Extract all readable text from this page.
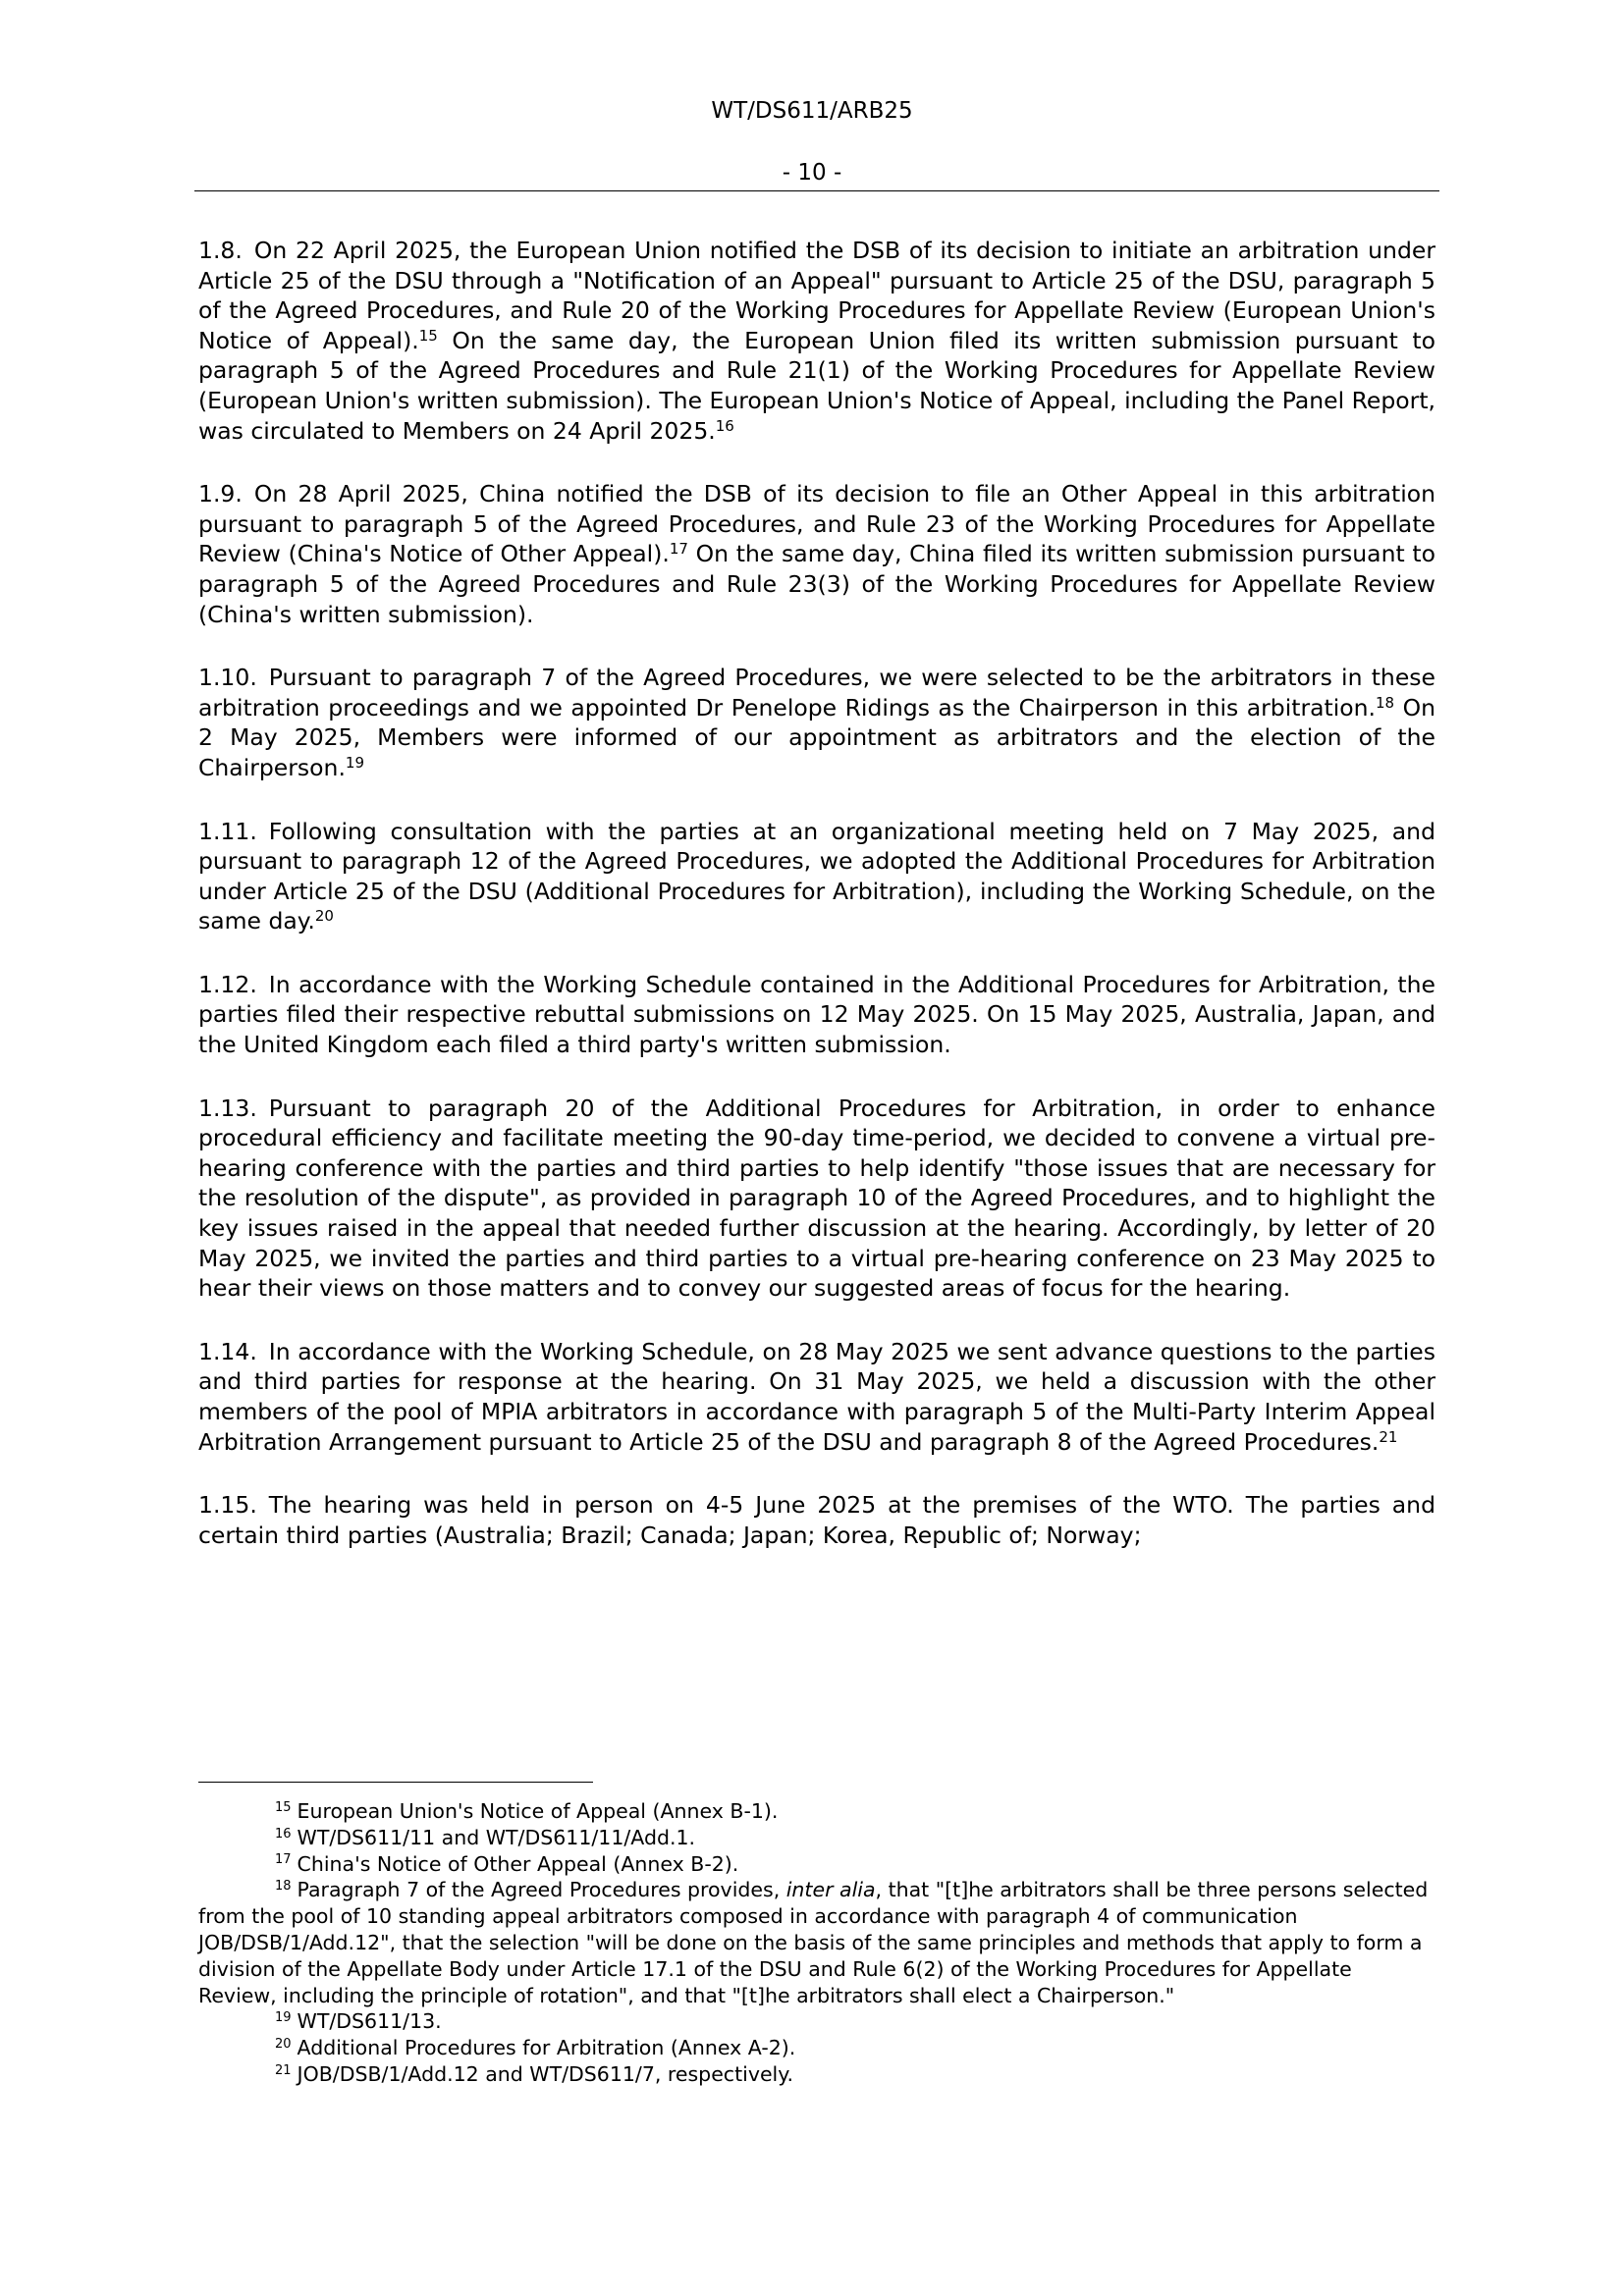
WT/DS611/ARB25
- 10 -

1.8. On 22 April 2025, the European Union notified the DSB of its decision to initiate an arbitration under Article 25 of the DSU through a "Notification of an Appeal" pursuant to Article 25 of the DSU, paragraph 5 of the Agreed Procedures, and Rule 20 of the Working Procedures for Appellate Review (European Union's Notice of Appeal).$^{15}$ On the same day, the European Union filed its written submission pursuant to paragraph 5 of the Agreed Procedures and Rule 21(1) of the Working Procedures for Appellate Review (European Union's written submission). The European Union's Notice of Appeal, including the Panel Report, was circulated to Members on 24 April 2025.16

1.9. On 28 April 2025, China notified the DSB of its decision to file an Other Appeal in this arbitration pursuant to paragraph 5 of the Agreed Procedures, and Rule 23 of the Working Procedures for Appellate Review (China's Notice of Other Appeal).$^{17}$ On the same day, China filed its written submission pursuant to paragraph 5 of the Agreed Procedures and Rule 23(3) of the Working Procedures for Appellate Review (China's written submission).

1.10. Pursuant to paragraph 7 of the Agreed Procedures, we were selected to be the arbitrators in these arbitration proceedings and we appointed Dr Penelope Ridings as the Chairperson in this arbitration.$^{18}$ On 2 May 2025, Members were informed of our appointment as arbitrators and the election of the Chairperson.$^{19}$

1.11. Following consultation with the parties at an organizational meeting held on 7 May 2025, and pursuant to paragraph 12 of the Agreed Procedures, we adopted the Additional Procedures for Arbitration under Article 25 of the DSU (Additional Procedures for Arbitration), including the Working Schedule, on the same day.$^{20}$

1.12. In accordance with the Working Schedule contained in the Additional Procedures for Arbitration, the parties filed their respective rebuttal submissions on 12 May 2025. On 15 May 2025, Australia, Japan, and the United Kingdom each filed a third party's written submission.

1.13. Pursuant to paragraph 20 of the Additional Procedures for Arbitration, in order to enhance procedural efficiency and facilitate meeting the 90-day time-period, we decided to convene a virtual pre-hearing conference with the parties and third parties to help identify "those issues that are necessary for the resolution of the dispute", as provided in paragraph 10 of the Agreed Procedures, and to highlight the key issues raised in the appeal that needed further discussion at the hearing. Accordingly, by letter of 20 May 2025, we invited the parties and third parties to a virtual pre-hearing conference on 23 May 2025 to hear their views on those matters and to convey our suggested areas of focus for the hearing.

1.14. In accordance with the Working Schedule, on 28 May 2025 we sent advance questions to the parties and third parties for response at the hearing. On 31 May 2025, we held a discussion with the other members of the pool of MPIA arbitrators in accordance with paragraph 5 of the Multi-Party Interim Appeal Arbitration Arrangement pursuant to Article 25 of the DSU and paragraph 8 of the Agreed Procedures.$^{21}$

1.15. The hearing was held in person on 4-5 June 2025 at the premises of the WTO. The parties and certain third parties (Australia; Brazil; Canada; Japan; Korea, Republic of; Norway;

$^{15}$ European Union's Notice of Appeal (Annex B-1).

$^{16}$ WT/DS611/11 and WT/DS611/11/Add.1.

$^{17}$ China's Notice of Other Appeal (Annex B-2).

$^{18}$ Paragraph 7 of the Agreed Procedures provides, inter alia, that "[t]he arbitrators shall be three persons selected from the pool of 10 standing appeal arbitrators composed in accordance with paragraph 4 of communication JOB/DSB/1/Add.12", that the selection "will be done on the basis of the same principles and methods that apply to form a division of the Appellate Body under Article 17.1 of the DSU and Rule 6(2) of the Working Procedures for Appellate Review, including the principle of rotation", and that "[t]he arbitrators shall elect a Chairperson."

$^{19}$ WT/DS611/13.

$^{20}$ Additional Procedures for Arbitration (Annex A-2).

$^{21}$ JOB/DSB/1/Add.12 and WT/DS611/7, respectively.
